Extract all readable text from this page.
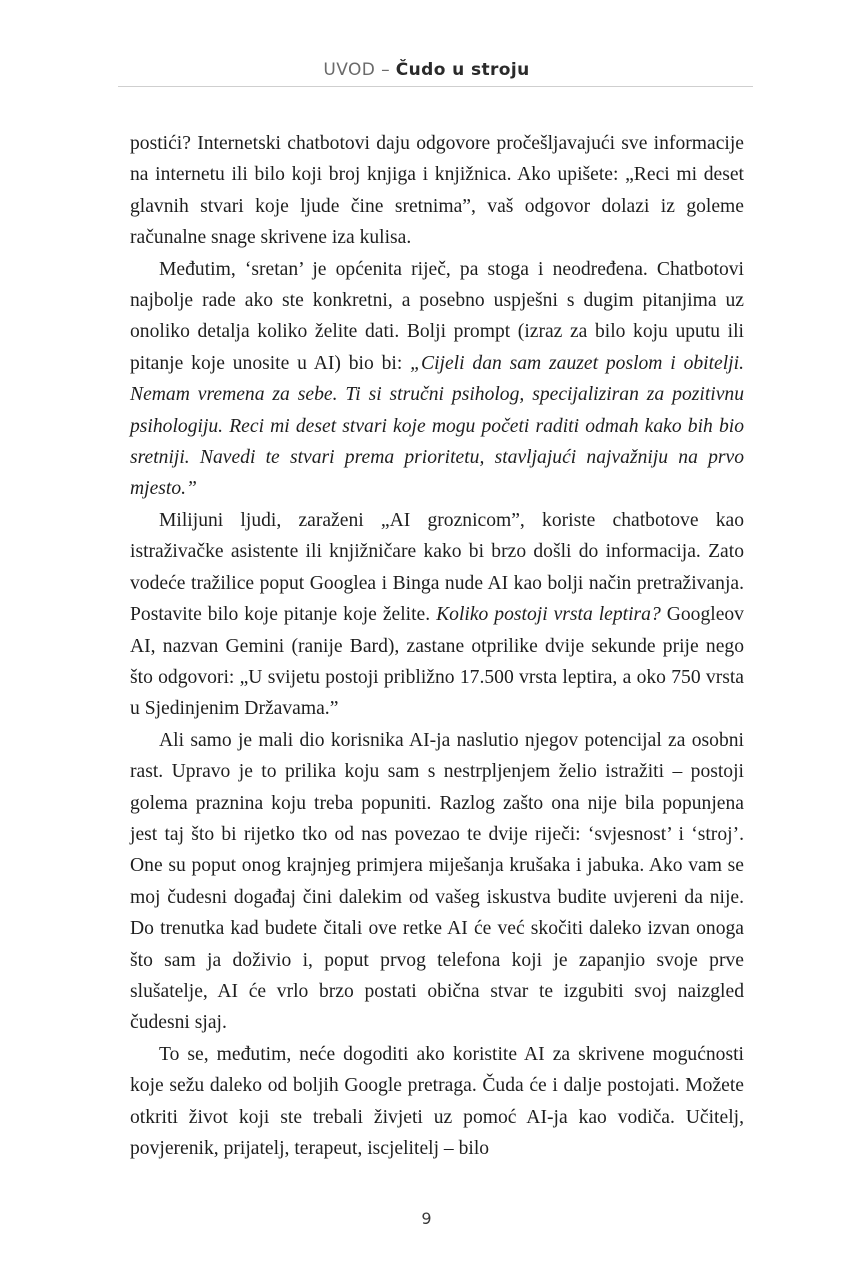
UVOD – Čudo u stroju

postići? Internetski chatbotovi daju odgovore pročešljavajući sve informacije na internetu ili bilo koji broj knjiga i knjižnica. Ako upišete: „Reci mi deset glavnih stvari koje ljude čine sretnima”, vaš odgovor dolazi iz goleme računalne snage skrivene iza kulisa.

Međutim, ‘sretan’ je općenita riječ, pa stoga i neodređena. Chatbotovi najbolje rade ako ste konkretni, a posebno uspješni s dugim pitanjima uz onoliko detalja koliko želite dati. Bolji prompt (izraz za bilo koju uputu ili pitanje koje unosite u AI) bio bi: „Cijeli dan sam zauzet poslom i obitelji. Nemam vremena za sebe. Ti si stručni psiholog, specijaliziran za pozitivnu psihologiju. Reci mi deset stvari koje mogu početi raditi odmah kako bih bio sretniji. Navedi te stvari prema prioritetu, stavljajući najvažniju na prvo mjesto.”

Milijuni ljudi, zaraženi „AI groznicom”, koriste chatbotove kao istraživačke asistente ili knjižničare kako bi brzo došli do informacija. Zato vodeće tražilice poput Googlea i Binga nude AI kao bolji način pretraživanja. Postavite bilo koje pitanje koje želite. Koliko postoji vrsta leptira? Googleov AI, nazvan Gemini (ranije Bard), zastane otprilike dvije sekunde prije nego što odgovori: „U svijetu postoji približno 17.500 vrsta leptira, a oko 750 vrsta u Sjedinjenim Državama.”

Ali samo je mali dio korisnika AI-ja naslutio njegov potencijal za osobni rast. Upravo je to prilika koju sam s nestrpljenjem želio istražiti – postoji golema praznina koju treba popuniti. Razlog zašto ona nije bila popunjena jest taj što bi rijetko tko od nas povezao te dvije riječi: ‘svjesnost’ i ‘stroj’. One su poput onog krajnjeg primjera miješanja krušaka i jabuka. Ako vam se moj čudesni događaj čini dalekim od vašeg iskustva budite uvjereni da nije. Do trenutka kad budete čitali ove retke AI će već skočiti daleko izvan onoga što sam ja doživio i, poput prvog telefona koji je zapanjio svoje prve slušatelje, AI će vrlo brzo postati obična stvar te izgubiti svoj naizgled čudesni sjaj.

To se, međutim, neće dogoditi ako koristite AI za skrivene mogućnosti koje sežu daleko od boljih Google pretraga. Čuda će i dalje postojati. Možete otkriti život koji ste trebali živjeti uz pomoć AI-ja kao vodiča. Učitelj, povjerenik, prijatelj, terapeut, iscjelitelj – bilo

9
